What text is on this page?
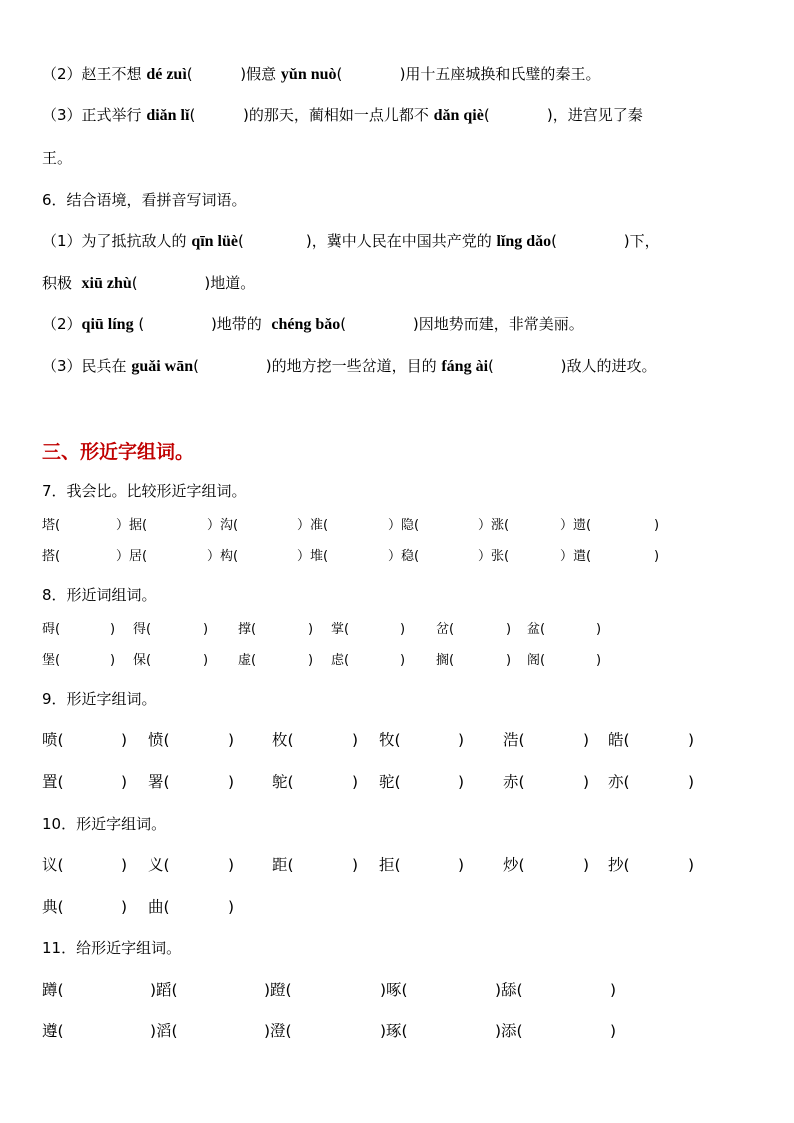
（2）赵王不想 dé zuì(          )假意 yǔn nuò(            )用十五座城换和氏璧的秦王。
（3）正式举行 diǎn lǐ(          )的那天，蔺相如一点儿都不 dǎn qiè(            )，进宫见了秦
王。
6．结合语境，看拼音写词语。
（1）为了抵抗敌人的 qīn lüè(             )，冀中人民在中国共产党的 lǐng dǎo(              )下，
积极  xiū zhù(              )地道。
（2）qiū líng (              )地带的  chéng bǎo(              )因地势而建，非常美丽。
（3）民兵在 guǎi wān(              )的地方挖一些岔道，目的 fáng ài(              )敌人的进攻。
三、形近字组词。
7．我会比。比较形近字组词。
塔(	）据(	）沟(	）准(	）隐(	）涨(	）遗(	)
搭(	）居(	）构(	）堆(	）稳(	）张(	）遣(	)
8．形近词组词。
碍(	) 得(	) 撑(	) 掌(	) 岔(	) 盆(	)
堡(	) 保(	) 虚(	) 虑(	) 搁(	) 阁(	)
9．形近字组词。
喷(	) 愤(	) 枚(	) 牧(	)	浩(	) 皓(	)
置(	) 署(	) 鸵(	) 驼(	)	赤(	) 亦(	)
10．形近字组词。
议(	) 义(	) 距(	) 拒(	)	炒(	) 抄(	)
典(	) 曲(	)
11．给形近字组词。
蹲(	)蹈(	)蹬(	)啄(	)舔(	)
遵(	)滔(	)澄(	)琢(	)添(	)
